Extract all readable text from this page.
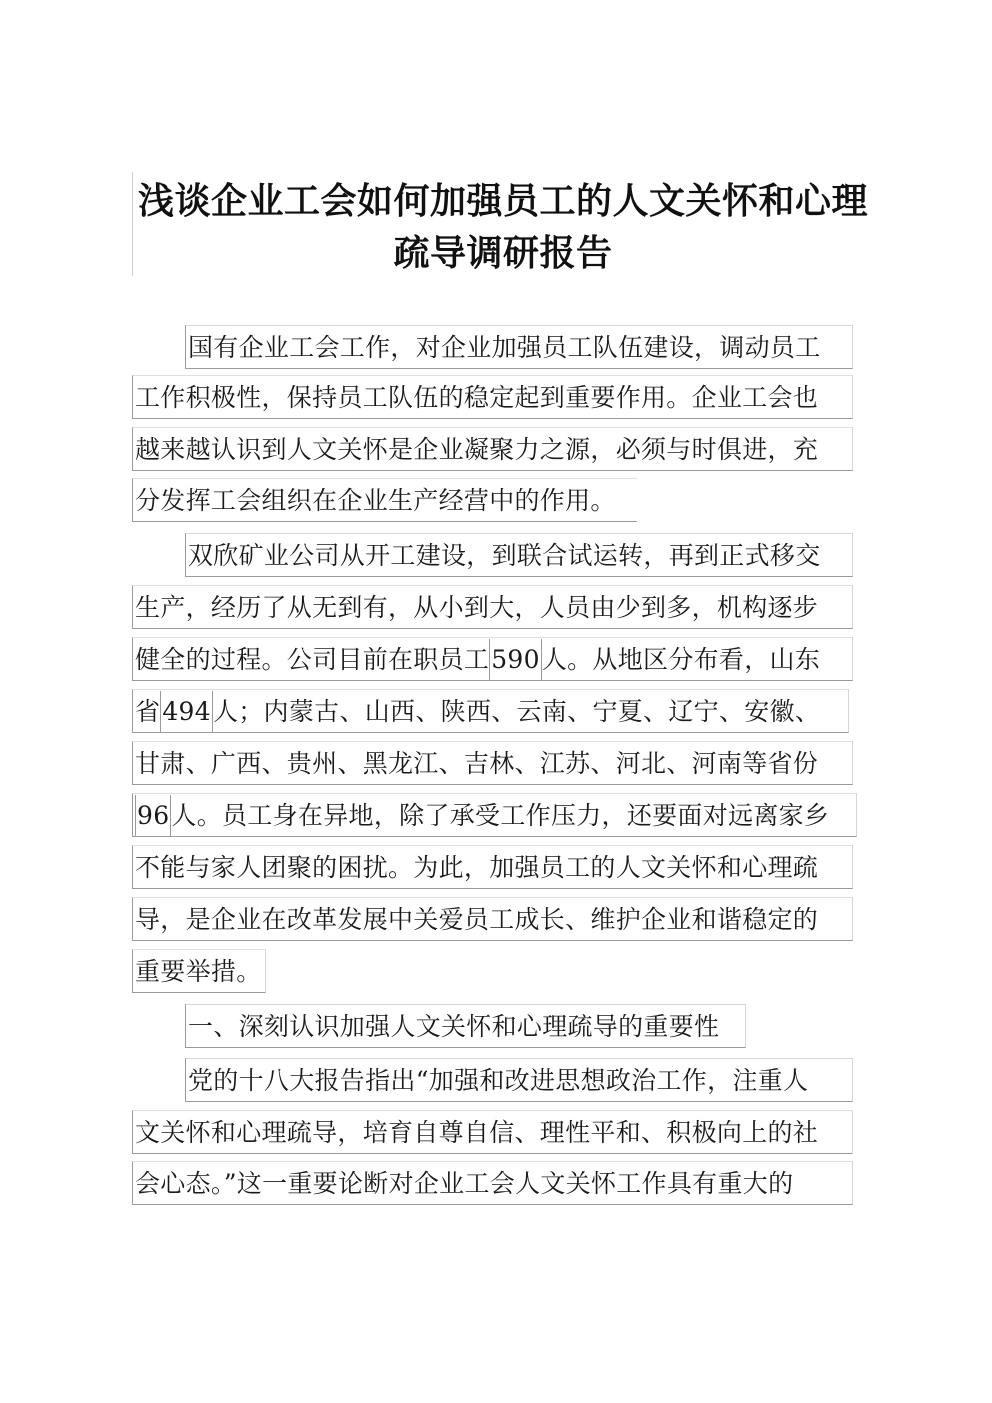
浅谈企业工会如何加强员工的人文关怀和心理
疏导调研报告
国有企业工会工作，对企业加强员工队伍建设，调动员工
工作积极性，保持员工队伍的稳定起到重要作用。企业工会也
越来越认识到人文关怀是企业凝聚力之源，必须与时俱进，充
分发挥工会组织在企业生产经营中的作用。
双欣矿业公司从开工建设，到联合试运转，再到正式移交
生产，经历了从无到有，从小到大，人员由少到多，机构逐步
健全的过程。公司目前在职员工590人。从地区分布看，山东
省494人；内蒙古、山西、陕西、云南、宁夏、辽宁、安徽、
甘肃、广西、贵州、黑龙江、吉林、江苏、河北、河南等省份
96人。员工身在异地，除了承受工作压力，还要面对远离家乡
不能与家人团聚的困扰。为此，加强员工的人文关怀和心理疏
导，是企业在改革发展中关爱员工成长、维护企业和谐稳定的
重要举措。
一、深刻认识加强人文关怀和心理疏导的重要性
党的十八大报告指出“加强和改进思想政治工作，注重人
文关怀和心理疏导，培育自尊自信、理性平和、积极向上的社
会心态。”这一重要论断对企业工会人文关怀工作具有重大的
